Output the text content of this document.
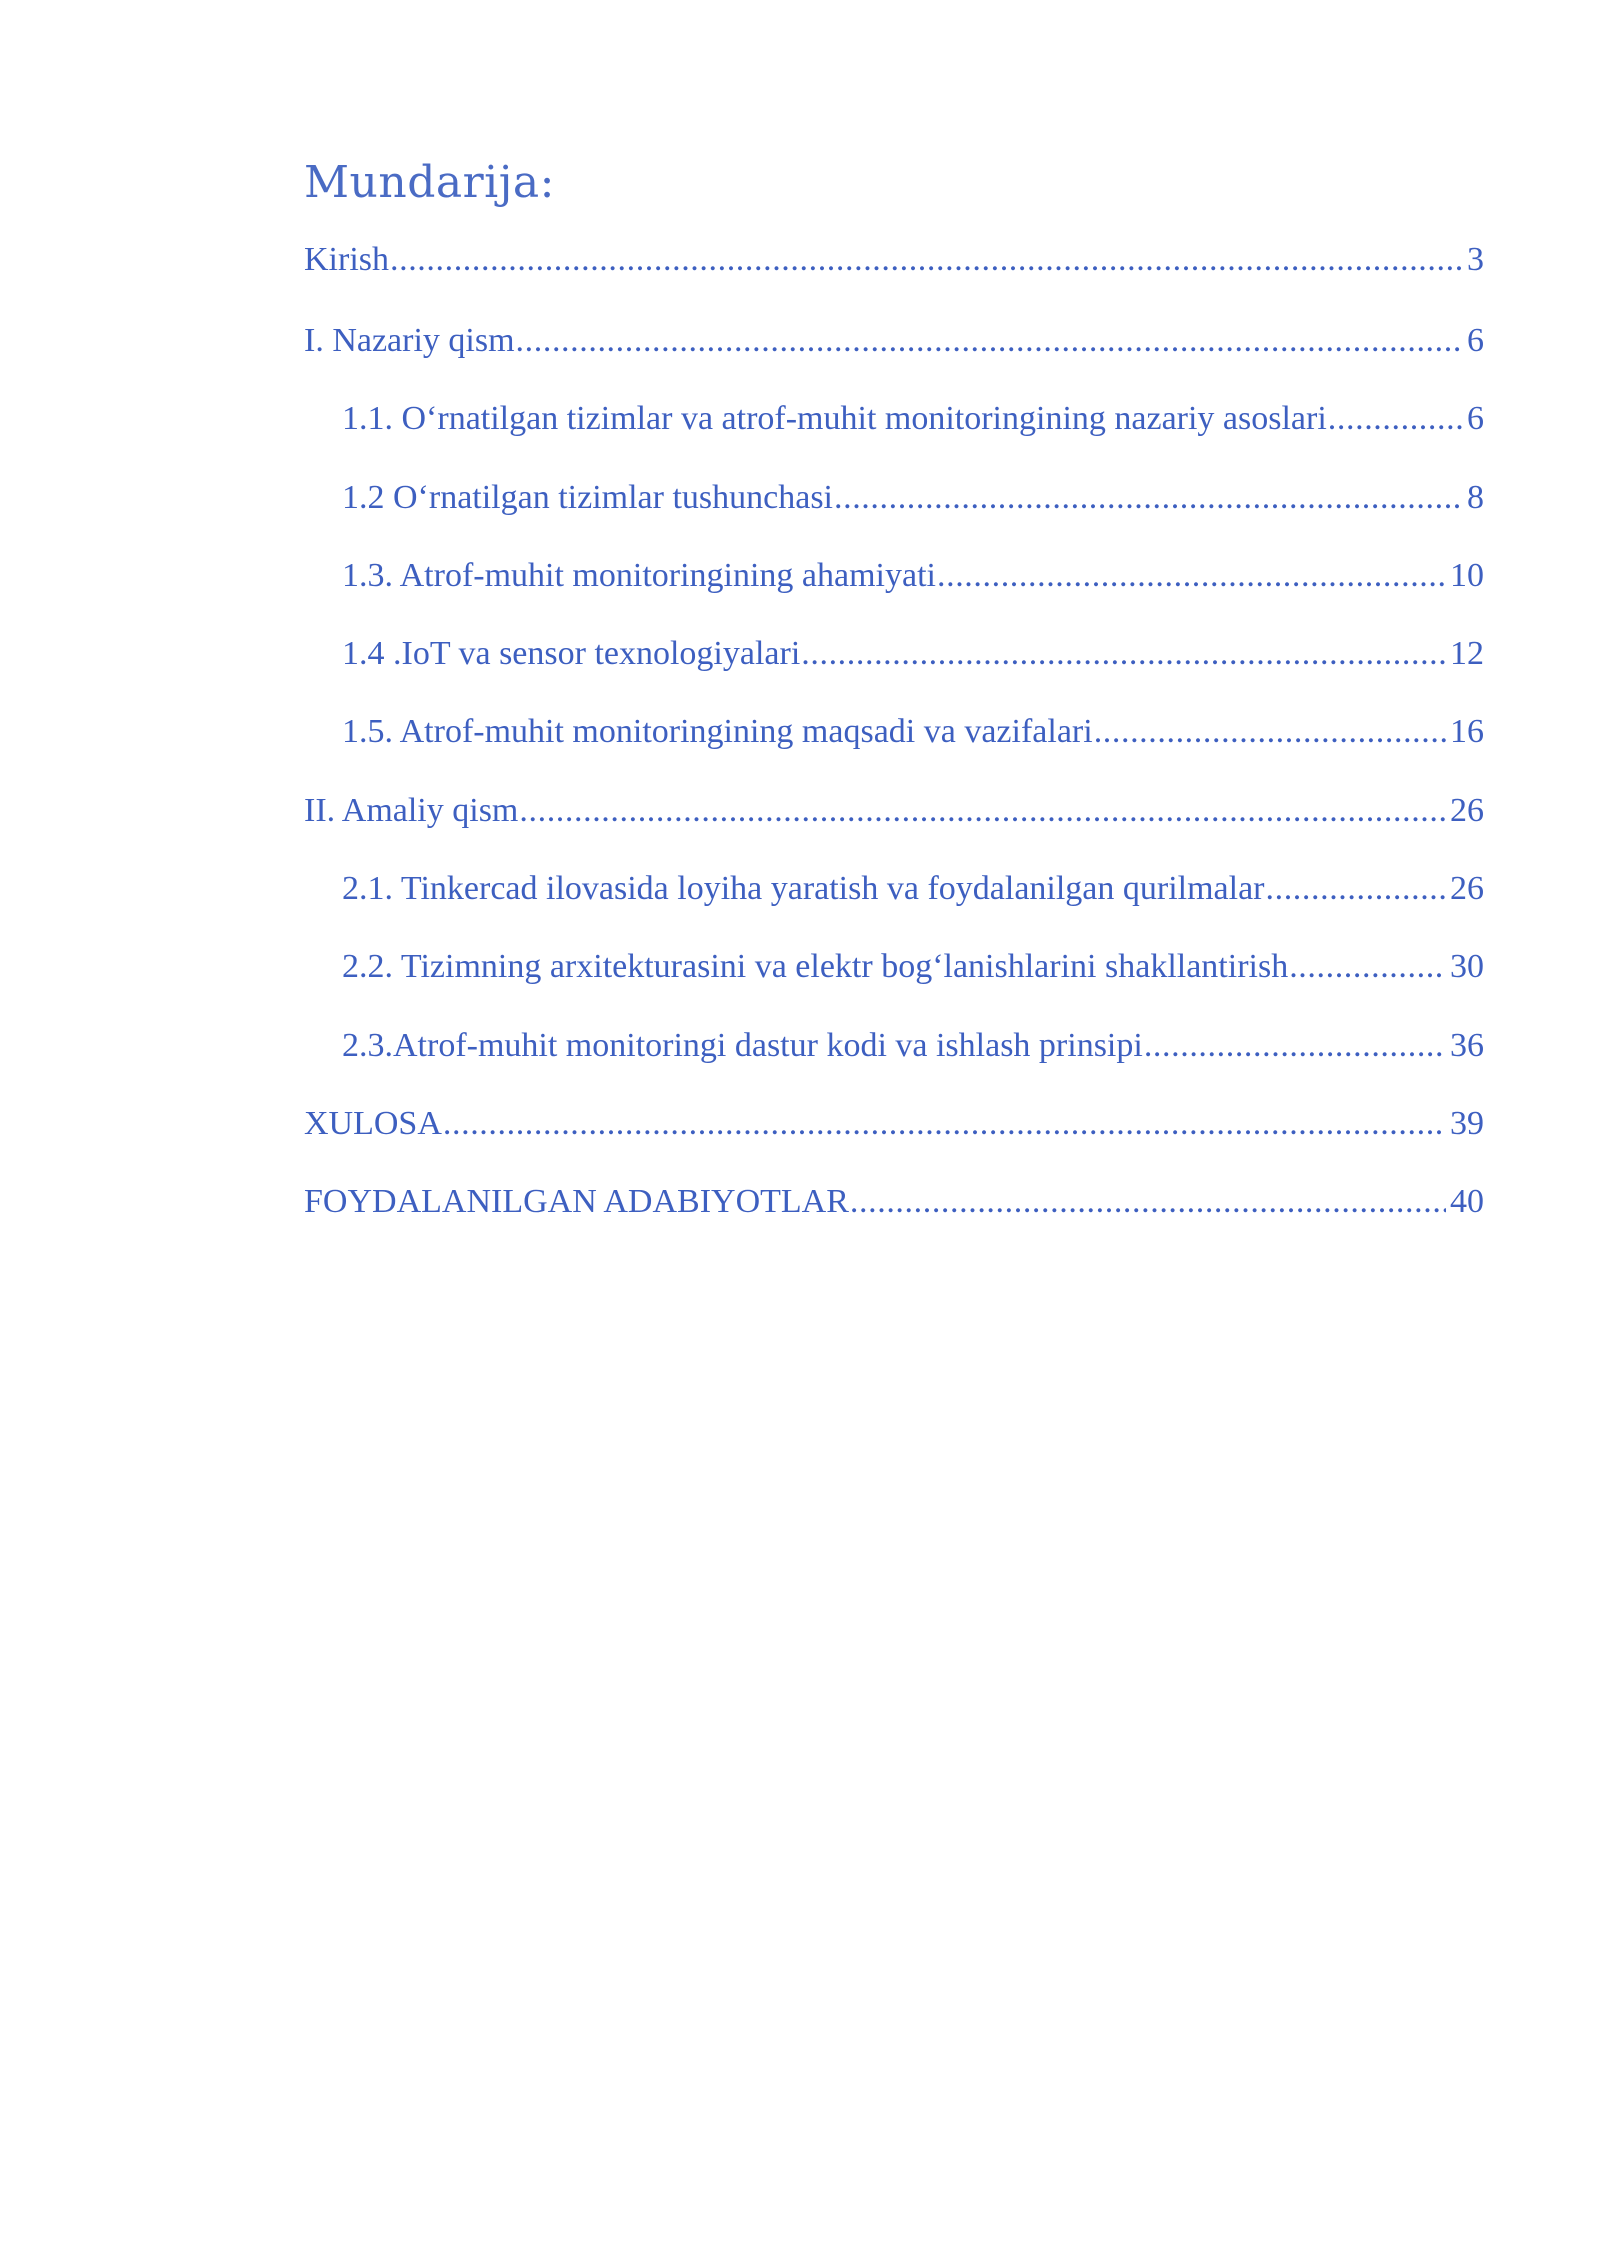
Mundarija:
Kirish .....	3
I. Nazariy qism .....	6
1.1. O‘rnatilgan tizimlar va atrof-muhit monitoringining nazariy asoslari .....	6
1.2 O‘rnatilgan tizimlar tushunchasi .....	8
1.3. Atrof-muhit monitoringining ahamiyati .....	10
1.4 .IoT va sensor texnologiyalari .....	12
1.5. Atrof-muhit monitoringining maqsadi va vazifalari .....	16
II. Amaliy qism .....	26
2.1. Tinkercad ilovasida loyiha yaratish va foydalanilgan qurilmalar .....	26
2.2. Tizimning arxitekturasini va elektr bog‘lanishlarini shakllantirish .....	30
2.3.Atrof-muhit monitoringi dastur kodi va ishlash prinsipi .....	36
XULOSA .....	39
FOYDALANILGAN ADABIYOTLAR .....	40
